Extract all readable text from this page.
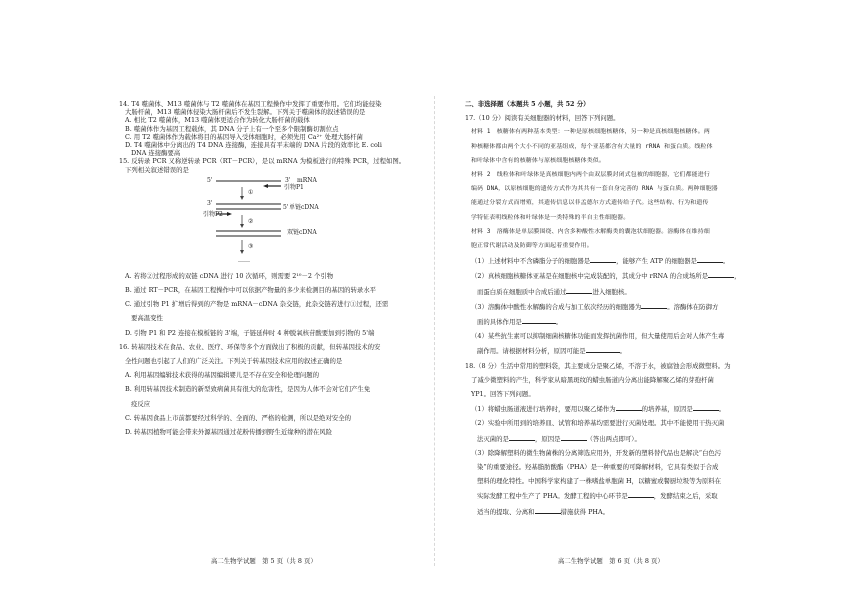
14. T4 噬菌体、M13 噬菌体与 T2 噬菌体在基因工程操作中发挥了重要作用。它们均能侵染

大肠杆菌，M13 噬菌体侵染大肠杆菌后不发生裂解。下列关于噬菌体的叙述错误的是

A. 相比 T2 噬菌体，M13 噬菌体更适合作为转化大肠杆菌的载体

B. 噬菌体作为基因工程载体，其 DNA 分子上有一个至多个限制酶切割位点

C. 用 T2 噬菌体作为载体将目的基因导入受体细胞时，必须先用 Ca²⁺ 处理大肠杆菌

D. T4 噬菌体中分离出的 T4 DNA 连接酶，连接具有平末端的 DNA 片段的效率比 E. coli

DNA 连接酶要高

15. 反转录 PCR 又称逆转录 PCR（RT－PCR），是以 mRNA 为模板进行的特殊 PCR，过程如图。

下列相关叙述错误的是

5'	3' mRNA
引物P1
①
3'
5' 单链cDNA
引物P2
②
双链cDNA
③
……

A. 若将②过程形成的双链 cDNA 进行 10 次循环，则需要 2¹⁰－2 个引物

B. 通过 RT－PCR，在基因工程操作中可以依据产物量的多少来检测目的基因的转录水平

C. 通过引物 P1 扩增后得到的产物是 mRNA－cDNA 杂交链，此杂交链若进行①过程，还需

要高温变性

D. 引物 P1 和 P2 连接在模板链的 3'端，子链延伸时 4 种脱氧核苷酸要加到引物的 5'端

16. 转基因技术在食品、农业、医疗、环保等多个方面做出了积极的贡献，但转基因技术的安

全性问题也引起了人们的广泛关注。下列关于转基因技术应用的叙述正确的是

A. 利用基因编辑技术获得的基因编辑婴儿是不存在安全和伦理问题的

B. 利用转基因技术制造的新型致病菌具有很大的危害性，是因为人体不会对它们产生免

疫反应

C. 转基因食品上市前都要经过科学的、全面的、严格的检测，所以是绝对安全的

D. 转基因植物可能会带来外源基因通过花粉传播到野生近缘种的潜在风险

高二生物学试题　第 5 页（共 8 页）

二、非选择题（本题共 5 小题，共 52 分）

17.（10 分）阅读有关细胞器的材料，回答下列问题。

材料 1　核糖体有两种基本类型：一种是原核细胞核糖体，另一种是真核细胞核糖体。两

种核糖体都由两个大小不同的亚基组成，每个亚基都含有大量的 rRNA 和蛋白质。线粒体

和叶绿体中含有的核糖体与原核细胞核糖体类似。

材料 2　线粒体和叶绿体是真核细胞内两个由双层膜封闭式包被的细胞器，它们都能进行

编码 DNA，以原核细胞的遗传方式作为其共有一套自身完善的 RNA 与蛋白质。两种细胞器

能通过分裂方式而增殖，其遗传信息以非孟德尔方式遗传给子代。这些结构、行为和遗传

学特征表明线粒体和叶绿体是一类特殊的半自主性细胞器。

材料 3　溶酶体是单层膜围绕、内含多种酸性水解酶类的囊泡状细胞器。溶酶体在维持细

胞正常代谢活动及防御等方面起着重要作用。

（1）上述材料中不含磷脂分子的细胞器是	，能够产生 ATP 的细胞器是	。

（2）真核细胞核糖体亚基是在细胞核中完成装配的，其成分中 rRNA 的合成场所是	，

而蛋白质在细胞质中合成后通过	进入细胞核。

（3）溶酶体中酸性水解酶的合成与加工依次经历的细胞器为	。溶酶体在防御方

面的具体作用是	。

（4）某些抗生素可以抑制细菌核糖体功能而发挥抗菌作用，但大量使用后会对人体产生毒

副作用。请根据材料分析，原因可能是	。

18.（8 分）生活中常用的塑料袋，其主要成分是聚乙烯，不溶于水，被腐蚀会形成微塑料。为

了减少微塑料的产生，科学家从暗黑斑纹的蜡虫肠道内分离出能降解聚乙烯的芽孢杆菌

YP1。回答下列问题。

（1）将蜡虫肠道液进行培养时，要用以聚乙烯作为	的培养基，原因是	。

（2）实验中所用到的培养皿、试管和培养基均需要进行灭菌处理。其中不能使用干热灭菌

法灭菌的是	，原因是	（答出两点即可）。

（3）除降解塑料的微生物菌株的分离筛选应用外，开发新的塑料替代品也是解决“白色污

染”的重要途径。羟基脂肪酸酯（PHA）是一种重要的可降解材料，它具有类似于合成

塑料的理化特性。中国科学家构建了一株嗜盐单胞菌 H，以糖蜜或餐厨垃圾等为原料在

实际发酵工程中生产了 PHA。发酵工程的中心环节是	，发酵结束之后，采取

适当的提取、分离和	措施获得 PHA。

高二生物学试题　第 6 页（共 8 页）
